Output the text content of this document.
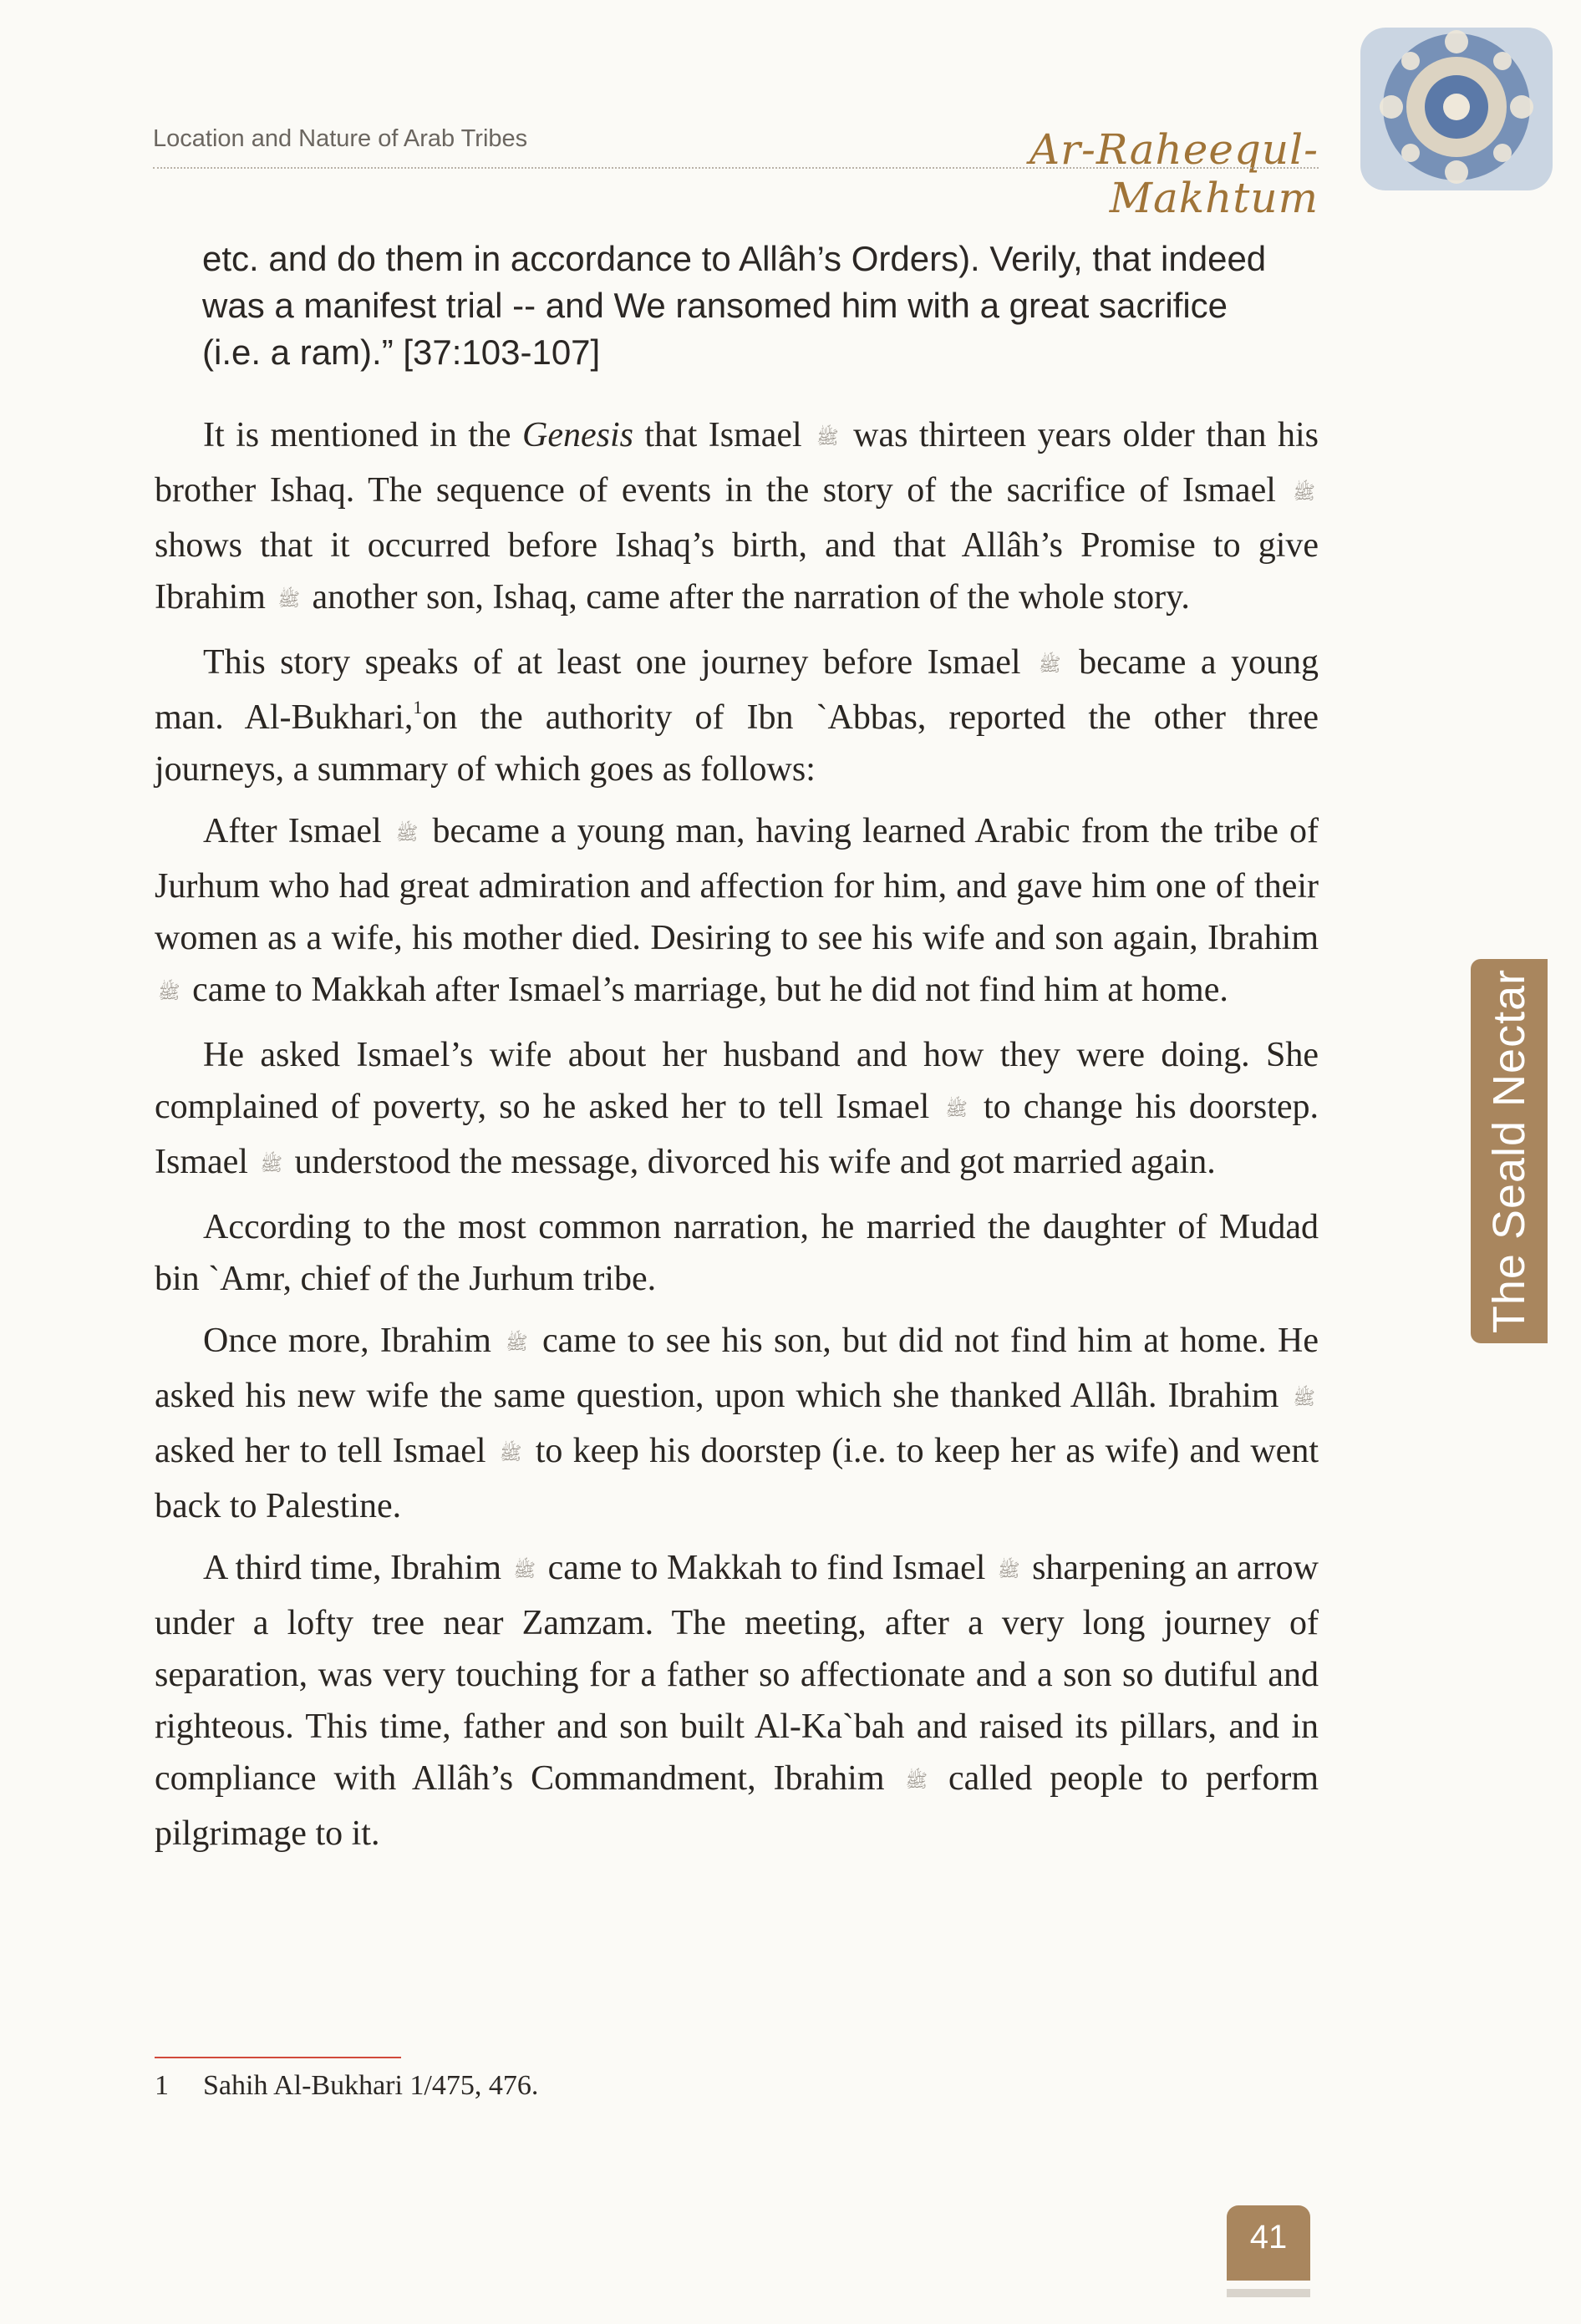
Location and Nature of Arab Tribes	Ar-Raheequl-Makhtum
etc. and do them in accordance to Allâh’s Orders). Verily, that indeed was a manifest trial -- and We ransomed him with a great sacrifice (i.e. a ram).” [37:103-107]

It is mentioned in the Genesis that Ismael ﷺ was thirteen years older than his brother Ishaq. The sequence of events in the story of the sacrifice of Ismael ﷺ shows that it occurred before Ishaq’s birth, and that Allâh’s Promise to give Ibrahim ﷺ another son, Ishaq, came after the narration of the whole story.

This story speaks of at least one journey before Ismael ﷺ became a young man. Al-Bukhari,$^1$on the authority of Ibn `Abbas, reported the other three journeys, a summary of which goes as follows:

After Ismael ﷺ became a young man, having learned Arabic from the tribe of Jurhum who had great admiration and affection for him, and gave him one of their women as a wife, his mother died. Desiring to see his wife and son again, Ibrahim ﷺ came to Makkah after Ismael’s marriage, but he did not find him at home.

He asked Ismael’s wife about her husband and how they were doing. She complained of poverty, so he asked her to tell Ismael ﷺ to change his doorstep. Ismael ﷺ understood the message, divorced his wife and got married again.

According to the most common narration, he married the daughter of Mudad bin `Amr, chief of the Jurhum tribe.

Once more, Ibrahim ﷺ came to see his son, but did not find him at home. He asked his new wife the same question, upon which she thanked Allâh. Ibrahim ﷺ asked her to tell Ismael ﷺ to keep his doorstep (i.e. to keep her as wife) and went back to Palestine.

A third time, Ibrahim ﷺ came to Makkah to find Ismael ﷺ sharpening an arrow under a lofty tree near Zamzam. The meeting, after a very long journey of separation, was very touching for a father so affectionate and a son so dutiful and righteous. This time, father and son built Al-Ka`bah and raised its pillars, and in compliance with Allâh’s Commandment, Ibrahim ﷺ called people to perform pilgrimage to it.

The Seald Nectar
1 Sahih Al-Bukhari 1/475, 476.
41
